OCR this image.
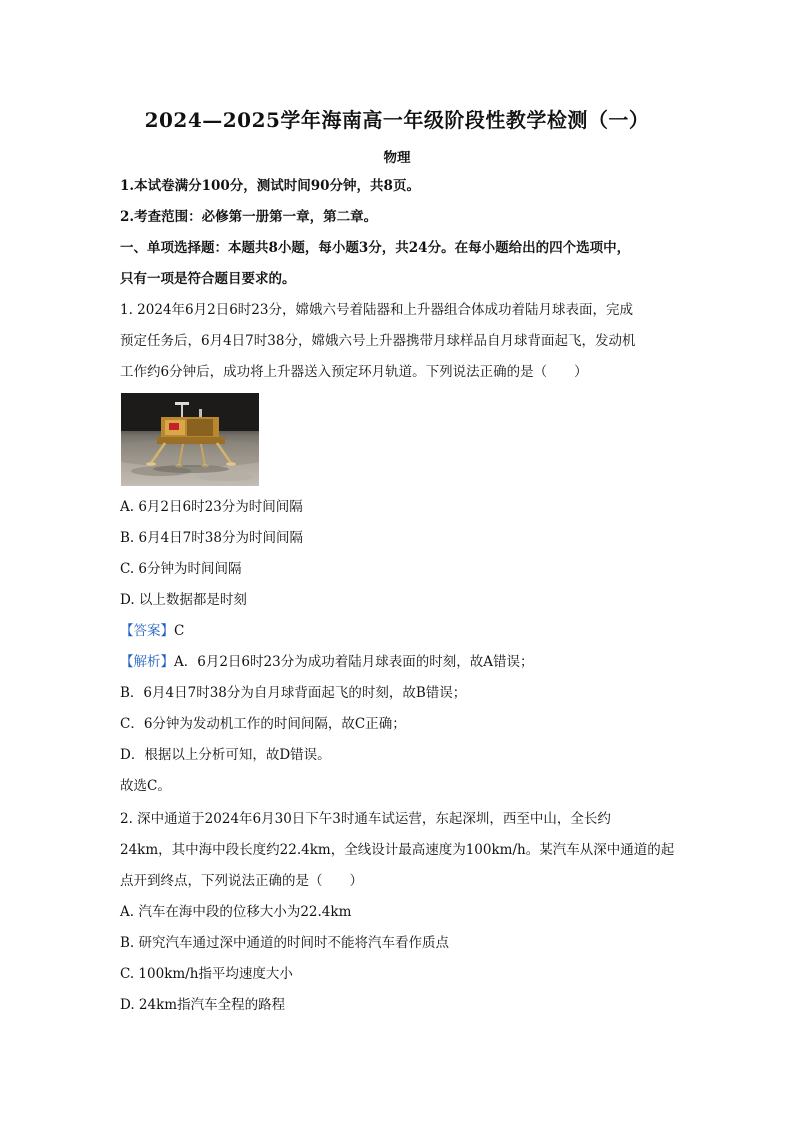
2024—2025学年海南高一年级阶段性教学检测（一）
物理
1.本试卷满分100分，测试时间90分钟，共8页。
2.考查范围：必修第一册第一章，第二章。
一、单项选择题：本题共8小题，每小题3分，共24分。在每小题给出的四个选项中，
只有一项是符合题目要求的。
1. 2024年6月2日6时23分，嫦娥六号着陆器和上升器组合体成功着陆月球表面，完成
预定任务后，6月4日7时38分，嫦娥六号上升器携带月球样品自月球背面起飞，发动机
工作约6分钟后，成功将上升器送入预定环月轨道。下列说法正确的是（　　）
A. 6月2日6时23分为时间间隔
B. 6月4日7时38分为时间间隔
C. 6分钟为时间间隔
D. 以上数据都是时刻
【答案】C
【解析】A．6月2日6时23分为成功着陆月球表面的时刻，故A错误；
B．6月4日7时38分为自月球背面起飞的时刻，故B错误；
C．6分钟为发动机工作的时间间隔，故C正确；
D．根据以上分析可知，故D错误。
故选C。
2. 深中通道于2024年6月30日下午3时通车试运营，东起深圳，西至中山，全长约
24km，其中海中段长度约22.4km，全线设计最高速度为100km/h。某汽车从深中通道的起
点开到终点，下列说法正确的是（　　）
A. 汽车在海中段的位移大小为22.4km
B. 研究汽车通过深中通道的时间时不能将汽车看作质点
C. 100km/h指平均速度大小
D. 24km指汽车全程的路程
